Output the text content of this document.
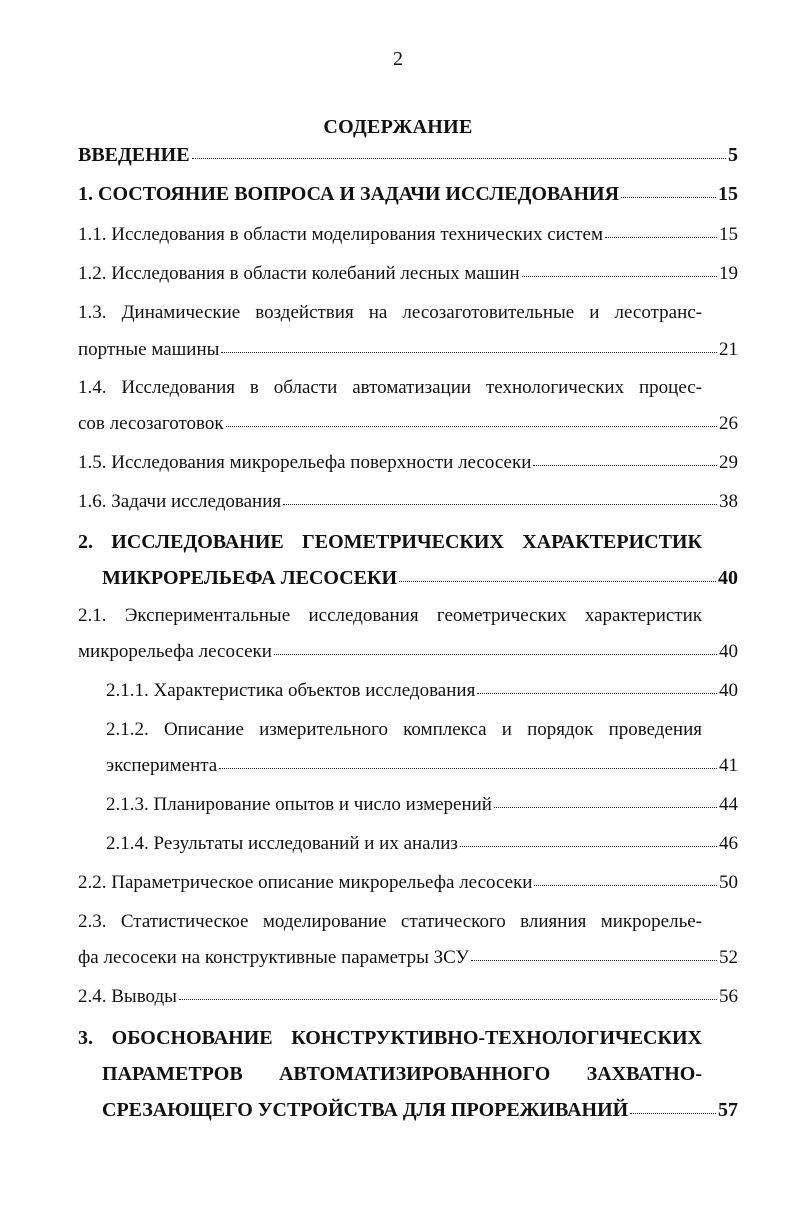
2
СОДЕРЖАНИЕ
ВВЕДЕНИЕ	5
1. СОСТОЯНИЕ ВОПРОСА И ЗАДАЧИ ИССЛЕДОВАНИЯ	15
1.1. Исследования в области моделирования технических систем	15
1.2. Исследования в области колебаний лесных машин	19
1.3. Динамические воздействия на лесозаготовительные и лесотранс-
портные машины	21
1.4. Исследования в области автоматизации технологических процес-
сов лесозаготовок	26
1.5. Исследования микрорельефа поверхности лесосеки	29
1.6. Задачи исследования	38
2. ИССЛЕДОВАНИЕ ГЕОМЕТРИЧЕСКИХ ХАРАКТЕРИСТИК
МИКРОРЕЛЬЕФА ЛЕСОСЕКИ	40
2.1. Экспериментальные исследования геометрических характеристик
микрорельефа лесосеки	40
2.1.1. Характеристика объектов исследования	40
2.1.2. Описание измерительного комплекса и порядок проведения
эксперимента	41
2.1.3. Планирование опытов и число измерений	44
2.1.4. Результаты исследований и их анализ	46
2.2. Параметрическое описание микрорельефа лесосеки	50
2.3. Статистическое моделирование статического влияния микрорелье-
фа лесосеки на конструктивные параметры ЗСУ	52
2.4. Выводы	56
3. ОБОСНОВАНИЕ КОНСТРУКТИВНО-ТЕХНОЛОГИЧЕСКИХ
ПАРАМЕТРОВ АВТОМАТИЗИРОВАННОГО ЗАХВАТНО-
СРЕЗАЮЩЕГО УСТРОЙСТВА ДЛЯ ПРОРЕЖИВАНИЙ	57
